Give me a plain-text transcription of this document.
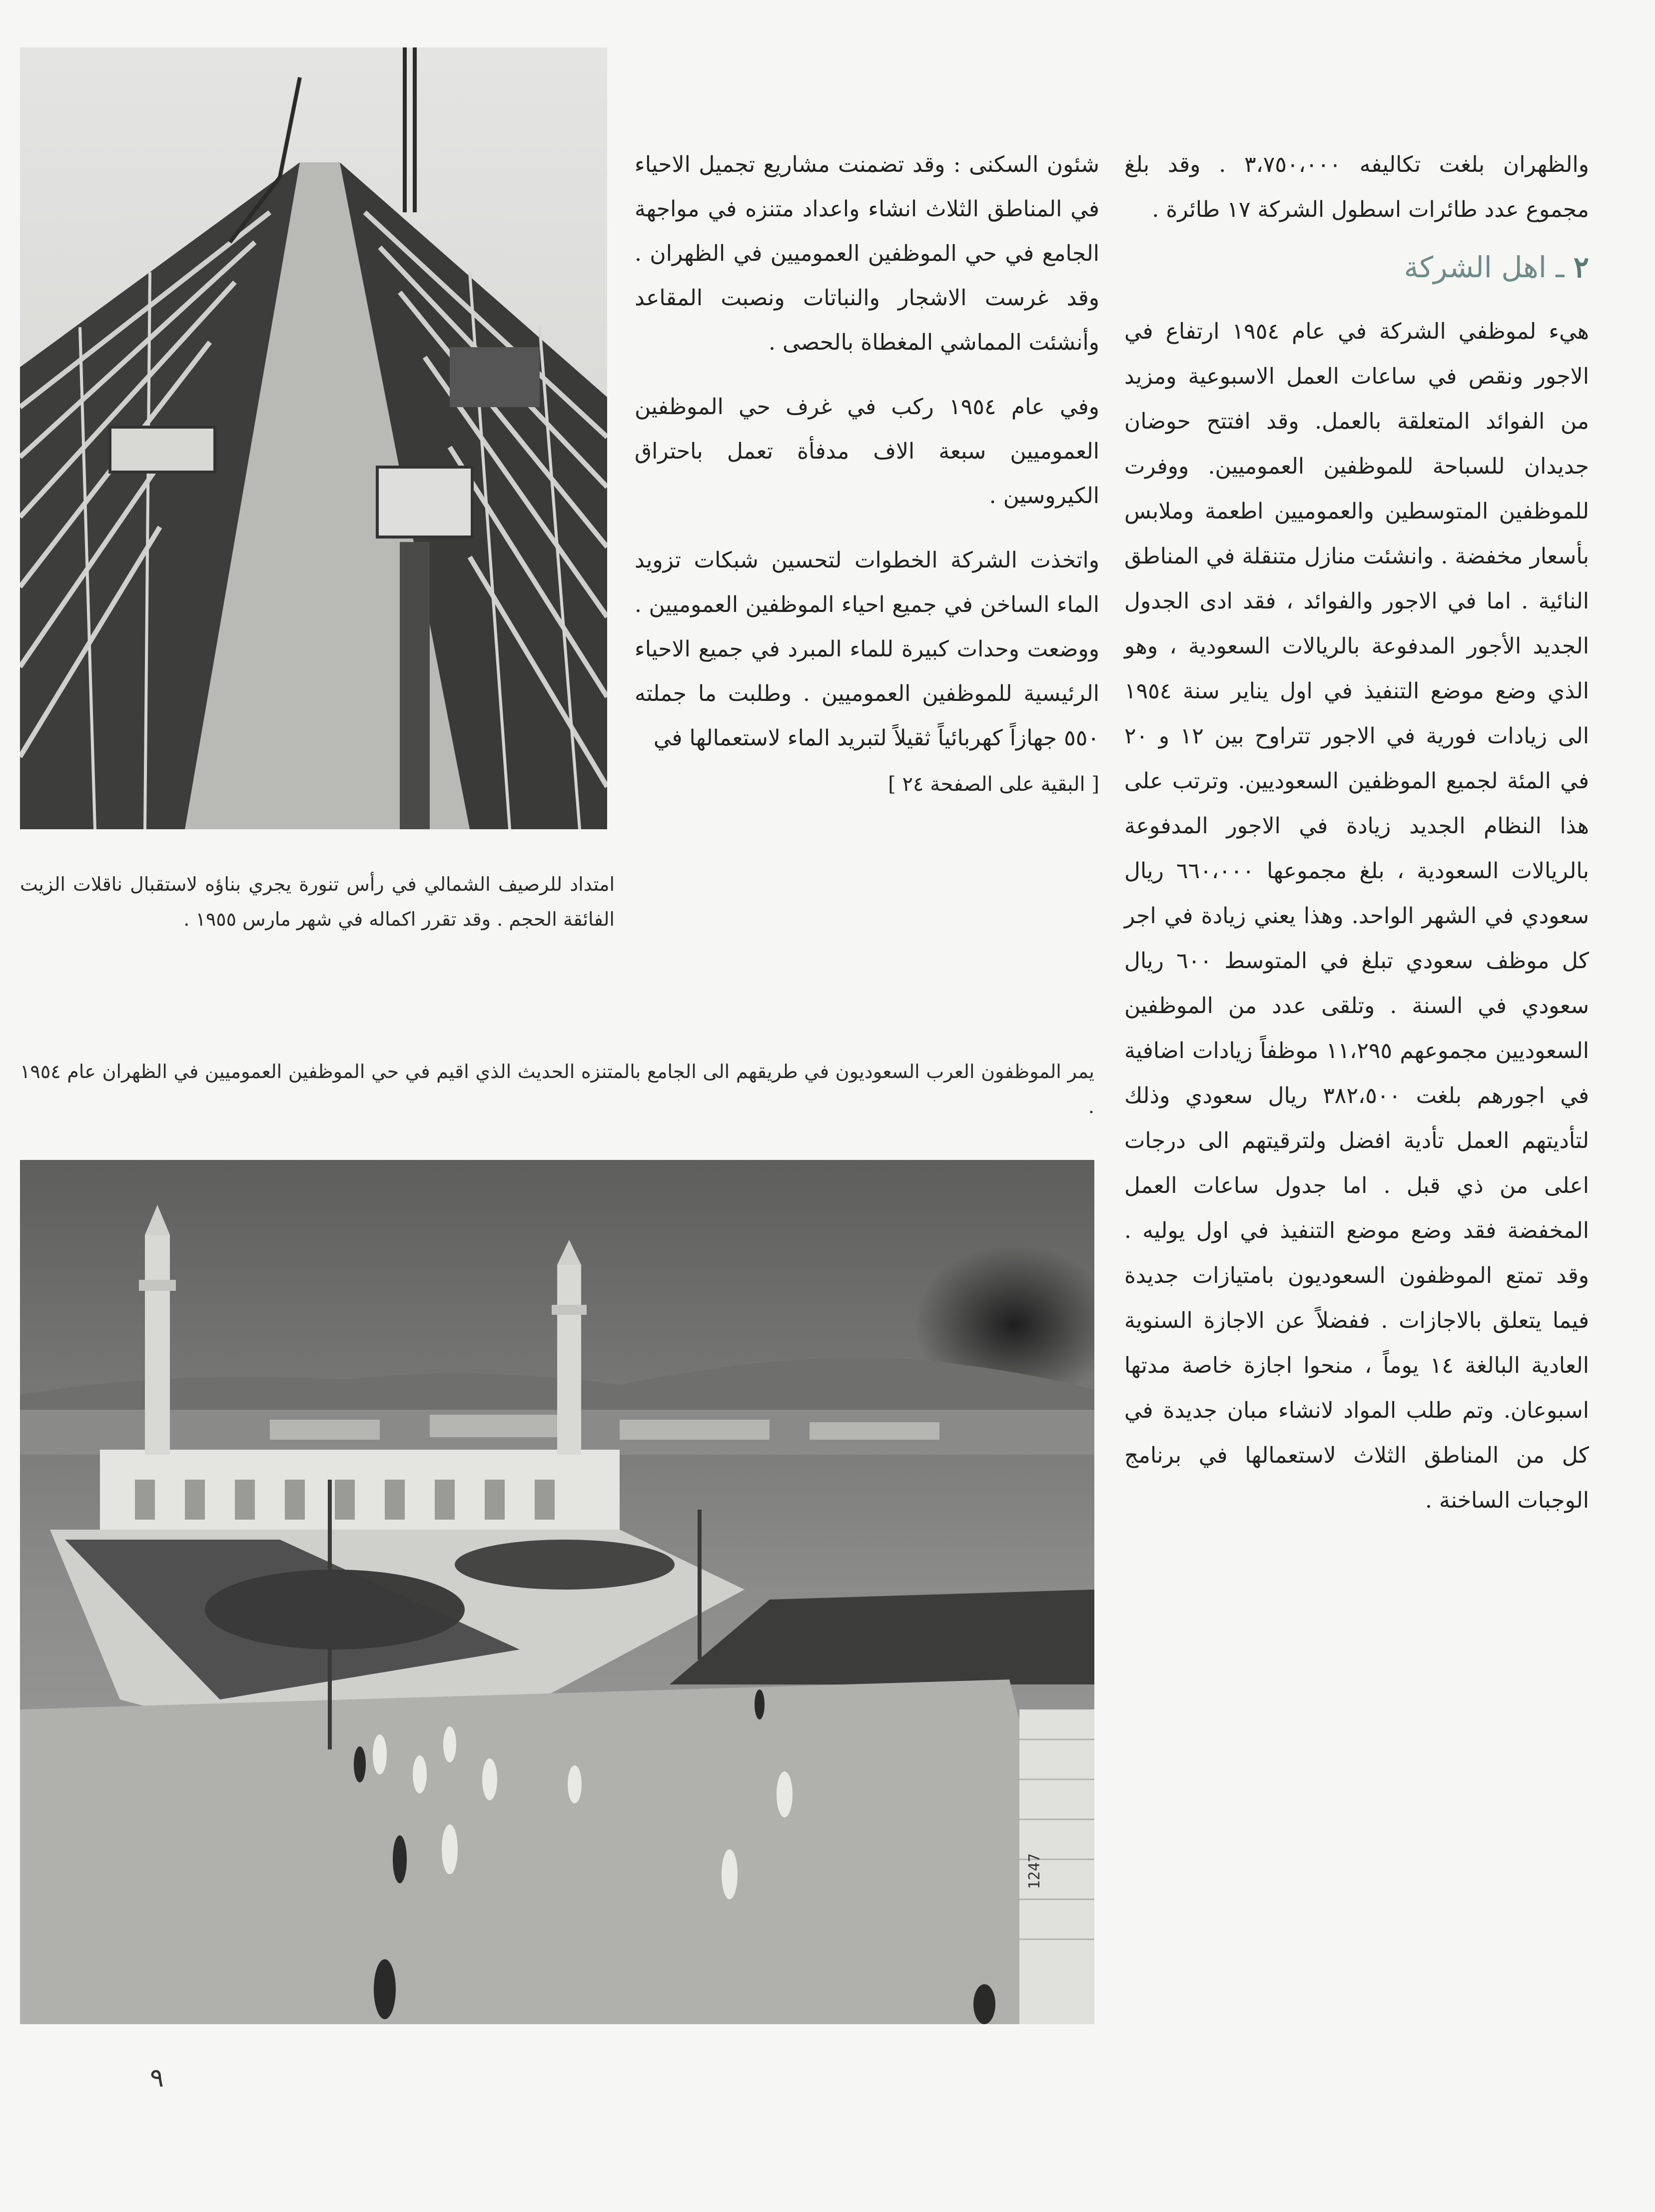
امتداد للرصيف الشمالي في رأس تنورة يجري بناؤه لاستقبال ناقلات الزيت الفائقة الحجم . وقد تقرر اكماله في شهر مارس ١٩٥٥ .

شئون السكنى : وقد تضمنت مشاريع تجميل الاحياء في المناطق الثلاث انشاء واعداد متنزه في مواجهة الجامع في حي الموظفين العموميين في الظهران . وقد غرست الاشجار والنباتات ونصبت المقاعد وأنشئت المماشي المغطاة بالحصى .

وفي عام ١٩٥٤ ركب في غرف حي الموظفين العموميين سبعة الاف مدفأة تعمل باحتراق الكيروسين .

واتخذت الشركة الخطوات لتحسين شبكات تزويد الماء الساخن في جميع احياء الموظفين العموميين . ووضعت وحدات كبيرة للماء المبرد في جميع الاحياء الرئيسية للموظفين العموميين . وطلبت ما جملته ٥٥٠ جهازاً كهربائياً ثقيلاً لتبريد الماء لاستعمالها في

[ البقية على الصفحة ٢٤ ]

والظهران بلغت تكاليفه ٣،٧٥٠،٠٠٠ . وقد بلغ مجموع عدد طائرات اسطول الشركة ١٧ طائرة .

٢ ـ اهل الشركة

هيء لموظفي الشركة في عام ١٩٥٤ ارتفاع في الاجور ونقص في ساعات العمل الاسبوعية ومزيد من الفوائد المتعلقة بالعمل. وقد افتتح حوضان جديدان للسباحة للموظفين العموميين. ووفرت للموظفين المتوسطين والعموميين اطعمة وملابس بأسعار مخفضة . وانشئت منازل متنقلة في المناطق النائية . اما في الاجور والفوائد ، فقد ادى الجدول الجديد الأجور المدفوعة بالريالات السعودية ، وهو الذي وضع موضع التنفيذ في اول يناير سنة ١٩٥٤ الى زيادات فورية في الاجور تتراوح بين ١٢ و ٢٠ في المئة لجميع الموظفين السعوديين. وترتب على هذا النظام الجديد زيادة في الاجور المدفوعة بالريالات السعودية ، بلغ مجموعها ٦٦٠،٠٠٠ ريال سعودي في الشهر الواحد. وهذا يعني زيادة في اجر كل موظف سعودي تبلغ في المتوسط ٦٠٠ ريال سعودي في السنة . وتلقى عدد من الموظفين السعوديين مجموعهم ١١،٢٩٥ موظفاً زيادات اضافية في اجورهم بلغت ٣٨٢،٥٠٠ ريال سعودي وذلك لتأديتهم العمل تأدية افضل ولترقيتهم الى درجات اعلى من ذي قبل . اما جدول ساعات العمل المخفضة فقد وضع موضع التنفيذ في اول يوليه . وقد تمتع الموظفون السعوديون بامتيازات جديدة فيما يتعلق بالاجازات . ففضلاً عن الاجازة السنوية العادية البالغة ١٤ يوماً ، منحوا اجازة خاصة مدتها اسبوعان. وتم طلب المواد لانشاء مبان جديدة في كل من المناطق الثلاث لاستعمالها في برنامج الوجبات الساخنة .

يمر الموظفون العرب السعوديون في طريقهم الى الجامع بالمتنزه الحديث الذي اقيم في حي الموظفين العموميين في الظهران عام ١٩٥٤ .
1247
٩
